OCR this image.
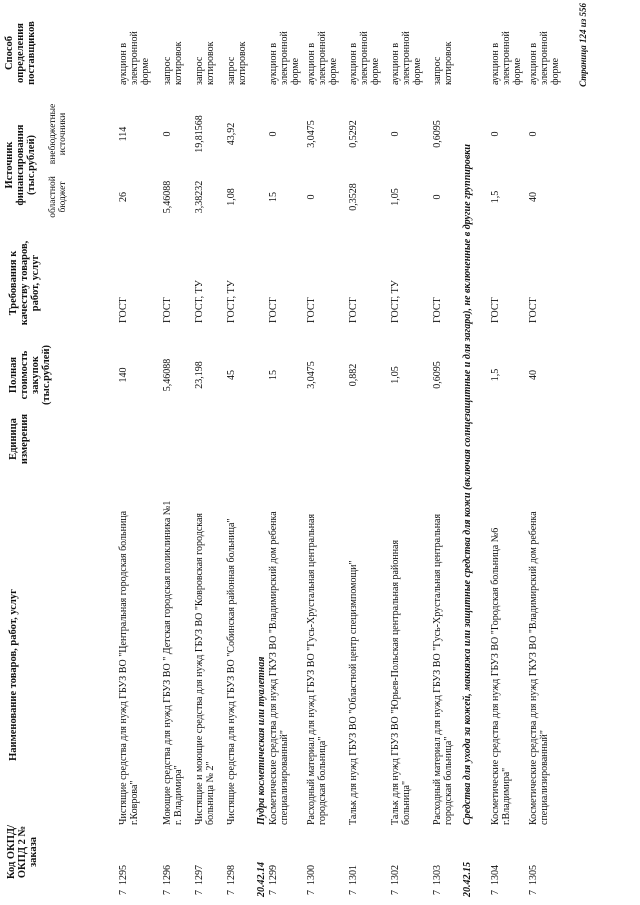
Код ОКПД/ ОКПД 2 № заказа
Наименование товаров, работ, услуг
Единица измерения
Полная стоимость закупок (тыс.рублей)
Требования к качеству товаров, работ, услуг
Источник финансирования (тыс.рублей)
областной бюджет
внебюджетные источники
Способ определения поставщиков
7  1295
Чистящие средства для нужд ГБУЗ ВО "Центральная городская больница г.Коврова"
140
ГОСТ
26
114
аукцион в электронной форме
7  1296
Моющие средства для нужд ГБУЗ ВО " Детская городская поликлиника №1 г. Владимира"
5,46088
ГОСТ
5,46088
0
запрос котировок
7  1297
Чистящие и моющие средства для нужд ГБУЗ ВО "Ковровская городская больница № 2"
23,198
ГОСТ, ТУ
3,38232
19,81568
запрос котировок
7  1298
Чистящие средства для нужд ГБУЗ ВО "Собинская районная больница"
45
ГОСТ, ТУ
1,08
43,92
запрос котировок
20.42.14
Пудра косметическая или туалетная
7  1299
Косметические средства для нужд ГКУЗ ВО "Владимирский дом ребенка специализированный"
15
ГОСТ
15
0
аукцион в электронной форме
7  1300
Расходный материал для нужд ГБУЗ ВО "Гусь-Хрустальная центральная городская больница"
3,0475
ГОСТ
0
3,0475
аукцион в электронной форме
7  1301
Тальк для нужд ГБУЗ ВО "Областной центр специзмпомощи"
0,882
ГОСТ
0,3528
0,5292
аукцион в электронной форме
7  1302
Тальк для нужд ГБУЗ ВО "Юрьев-Польская центральная районная больница"
1,05
ГОСТ, ТУ
1,05
0
аукцион в электронной форме
7  1303
Расходный материал для нужд ГБУЗ ВО "Гусь-Хрустальная центральная городская больница"
0,6095
ГОСТ
0
0,6095
запрос котировок
20.42.15
Средства для ухода за кожей, макияжа или защитные средства для кожи (включая солнцезащитные и для загара), не включенные в другие группировки
7  1304
Косметические средства для нужд ГБУЗ ВО "Городская больница №6 г.Владимира"
1,5
ГОСТ
1,5
0
аукцион в электронной форме
7  1305
Косметические средства для нужд ГКУЗ ВО "Владимирский дом ребенка специализированный"
40
ГОСТ
40
0
аукцион в электронной форме Страница 124 из 556
